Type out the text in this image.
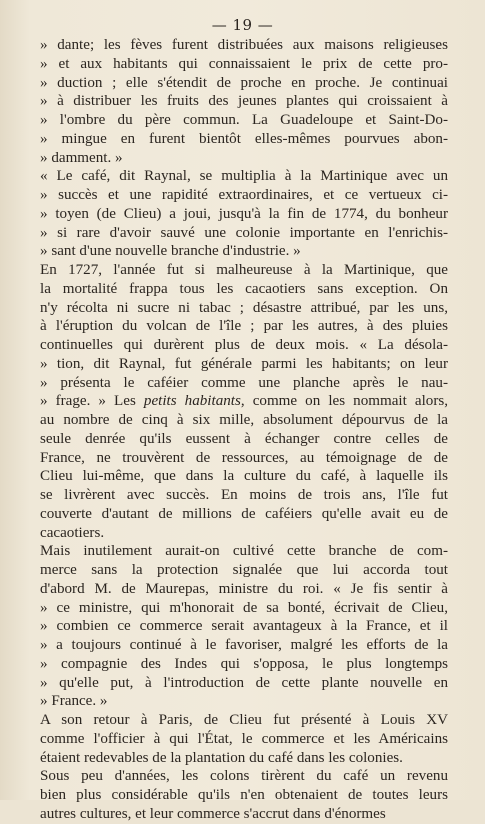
— 19 —
» dante; les fèves furent distribuées aux maisons religieuses
» et aux habitants qui connaissaient le prix de cette pro-
» duction ; elle s'étendit de proche en proche. Je continuai
» à distribuer les fruits des jeunes plantes qui croissaient à
» l'ombre du père commun. La Guadeloupe et Saint-Do-
» mingue en furent bientôt elles-mêmes pourvues abon-
» damment. »
« Le café, dit Raynal, se multiplia à la Martinique avec un
» succès et une rapidité extraordinaires, et ce vertueux ci-
» toyen (de Clieu) a joui, jusqu'à la fin de 1774, du bonheur
» si rare d'avoir sauvé une colonie importante en l'enrichis-
» sant d'une nouvelle branche d'industrie. »
En 1727, l'année fut si malheureuse à la Martinique, que
la mortalité frappa tous les cacaotiers sans exception. On
n'y récolta ni sucre ni tabac ; désastre attribué, par les uns,
à l'éruption du volcan de l'île ; par les autres, à des pluies
continuelles qui durèrent plus de deux mois. « La désola-
» tion, dit Raynal, fut générale parmi les habitants; on leur
» présenta le caféier comme une planche après le nau-
» frage. » Les petits habitants, comme on les nommait alors,
au nombre de cinq à six mille, absolument dépourvus de la
seule denrée qu'ils eussent à échanger contre celles de
France, ne trouvèrent de ressources, au témoignage de de
Clieu lui-même, que dans la culture du café, à laquelle ils
se livrèrent avec succès. En moins de trois ans, l'île fut
couverte d'autant de millions de caféiers qu'elle avait eu de
cacaotiers.
Mais inutilement aurait-on cultivé cette branche de com-
merce sans la protection signalée que lui accorda tout
d'abord M. de Maurepas, ministre du roi. « Je fis sentir à
» ce ministre, qui m'honorait de sa bonté, écrivait de Clieu,
» combien ce commerce serait avantageux à la France, et il
» a toujours continué à le favoriser, malgré les efforts de la
» compagnie des Indes qui s'opposa, le plus longtemps
» qu'elle put, à l'introduction de cette plante nouvelle en
» France. »
A son retour à Paris, de Clieu fut présenté à Louis XV
comme l'officier à qui l'État, le commerce et les Américains
étaient redevables de la plantation du café dans les colonies.
Sous peu d'années, les colons tirèrent du café un revenu
bien plus considérable qu'ils n'en obtenaient de toutes leurs
autres cultures, et leur commerce s'accrut dans d'énormes
